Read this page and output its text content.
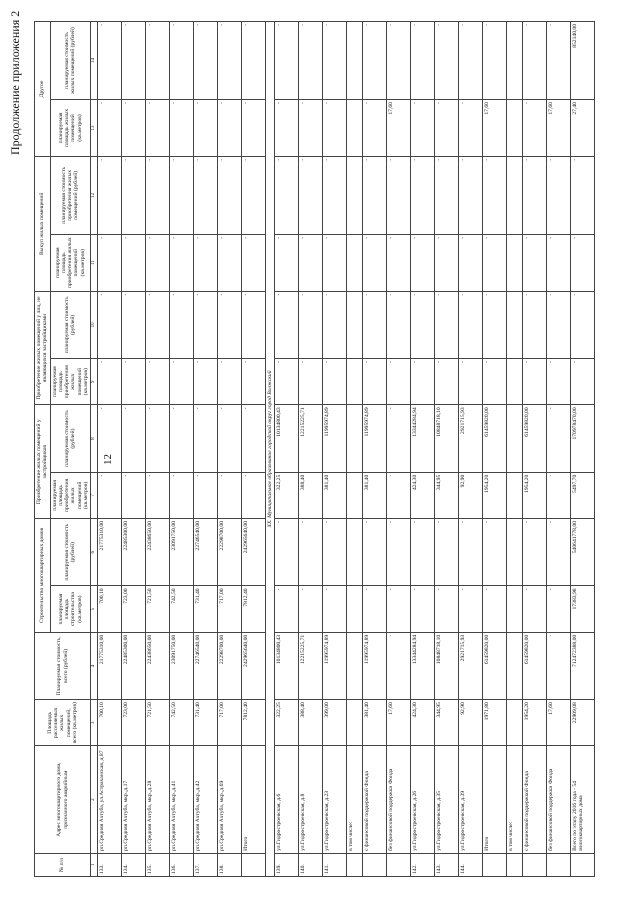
12
Продолжение приложения 2
№ п/п	Адрес многоквартирного дома, признанного аварийным	Площадь расселяемых жилых помещений, всего (кв.метров)	Планируемая стоимость, всего (рублей)	Строительство многоквартирных домов		Приобретение жилых помещений у застройщиков		Приобретение жилых помещений у лиц, не являющихся застройщиками		Выкуп жилых помещений		Другое	
				планируемая площадь строительства (кв.метров)	планируемая стоимость (рублей)	планируемая площадь приобретения жилых помещений (кв.метров)	планируемая стоимость (рублей)	планируемая площадь приобретения жилых помещений (кв.метров)	планируемая стоимость (рублей)	планируемая площадь приобретения жилых помещений (кв.метров)	планируемая стоимость приобретения жилых помещений (рублей)	планируемая площадь жилых помещений (кв.метров)	планируемая стоимость жилых помещений (рублей)
1	2	3	4	5	6	7	8	9	10	11	12	13	14
133.	рп.Средняя Ахтуба, ул.Астраханская, д.87	700,10	21775310,00	700,10	21775310,00	-	-	-	-	-	-	-	-
134.	рп.Средняя Ахтуба, мкр.,д.17	723,00	22485300,00	723,00	22485300,00	-	-	-	-	-	-	-	-
135.	рп.Средняя Ахтуба, мкр.,д.28	721,50	22438650,00	721,50	22438650,00	-	-	-	-	-	-	-	-
136.	рп.Средняя Ахтуба, мкр.,д.41	742,50	23091750,00	742,50	23091750,00	-	-	-	-	-	-	-	-
137.	рп.Средняя Ахтуба, мкр.,д.42	731,40	22746540,00	731,40	22746540,00	-	-	-	-	-	-	-	-
138.	рп.Средняя Ахтуба, мкр.,д.69	717,00	22298700,00	717,00	22298700,00	-	-	-	-	-	-	-	-
	Итого	7812,40	242965640,00	7812,40	242965640,00	-	-	-	-	-	-	-	-
XX. Муниципальное образование городской округ город Волжский													
139.	ул.Гидростроевская, д.6	322,25	10134800,43	-	-	322,25	10134800,43	-	-	-	-	-	-
140.	ул.Гидростроевская, д.8	388,40	12215225,71	-	-	388,40	12215225,71	-	-	-	-	-	-
141.	ул.Гидростроевская, д.23	399,00	11995974,89	-	-	381,40	11995974,89	-	-	-	-	-	-
	в том числе:												
	с финансовой поддержкой Фонда	381,40	11995974,89	-	-	381,40	11995974,89	-	-	-	-	-	-
	без финансовой поддержки Фонда	17,60	-	-	-	-	-	-	-	-	-	17,60	-
142.	ул.Гидростроевская, д.26	424,30	13344284,94	-	-	424,30	13344284,94	-	-	-	-	-	-
143.	ул.Гидростроевская, д.35	344,95	10848718,10	-	-	344,95	10848718,10	-	-	-	-	-	-
144.	ул.Гидростроевская, д.39	92,90	2921715,93	-	-	92,90	2921715,93	-	-	-	-	-	-
	Итого	1971,80	61459820,00	-	-	1954,20	61459820,00	-	-	-	-	17,60	-
	в том числе:												
	с финансовой поддержкой Фонда	1954,20	61459820,00	-	-	1954,20	61459820,00	-	-	-	-	-	-
	без финансовой поддержки Фонда	17,60	-	-	-	-	-	-	-	-	-	17,60	-
	Всего по этапу 2016 года - 54 многоквартирных дома	22909,08	712472388,00	17383,98	540641778,00	5497,70	170978470,00	-	-	-	-	27,40	852140,00
